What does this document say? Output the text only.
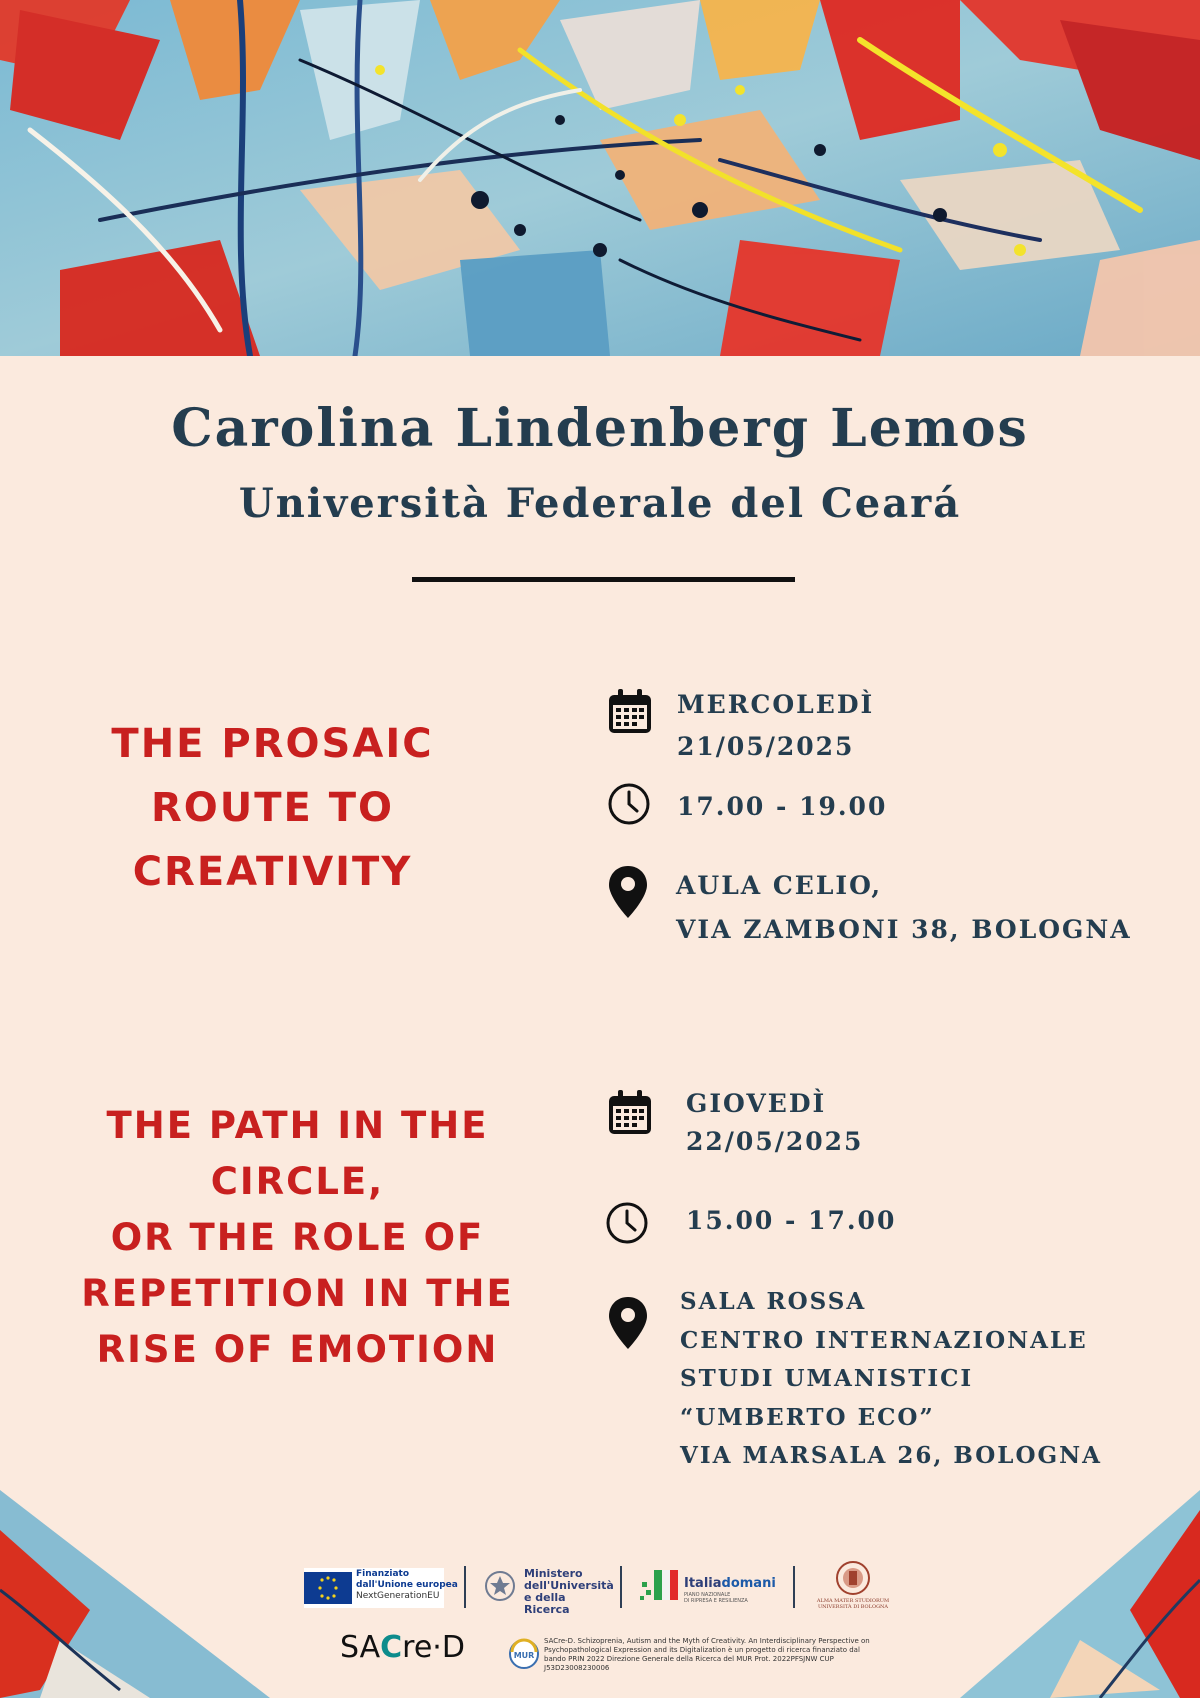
Carolina Lindenberg Lemos
Università Federale del Ceará
THE PROSAIC
ROUTE TO
CREATIVITY
MERCOLEDÌ
21/05/2025
17.00 - 19.00
AULA CELIO,
VIA ZAMBONI 38, BOLOGNA
THE PATH IN THE
CIRCLE,
OR THE ROLE OF
REPETITION IN THE
RISE OF EMOTION
GIOVEDÌ
22/05/2025
15.00 - 17.00
SALA ROSSA
CENTRO INTERNAZIONALE
STUDI UMANISTICI
“UMBERTO ECO”
VIA MARSALA 26, BOLOGNA
Finanziato
dall'Unione europea
NextGenerationEU
Ministero
dell'Università
e della Ricerca
Italiadomani
PIANO NAZIONALE
DI RIPRESA E RESILIENZA	ALMA MATER STUDIORUM
UNIVERSITÀ DI BOLOGNA
SACre·D	MUR

SACre-D. Schizoprenia, Autism and the Myth of Creativity. An Interdisciplinary Perspective on Psychopathological Expression and its Digitalization è un progetto di ricerca finanziato dal bando PRIN 2022 Direzione Generale della Ricerca del MUR Prot. 2022PFSJNW CUP J53D23008230006
